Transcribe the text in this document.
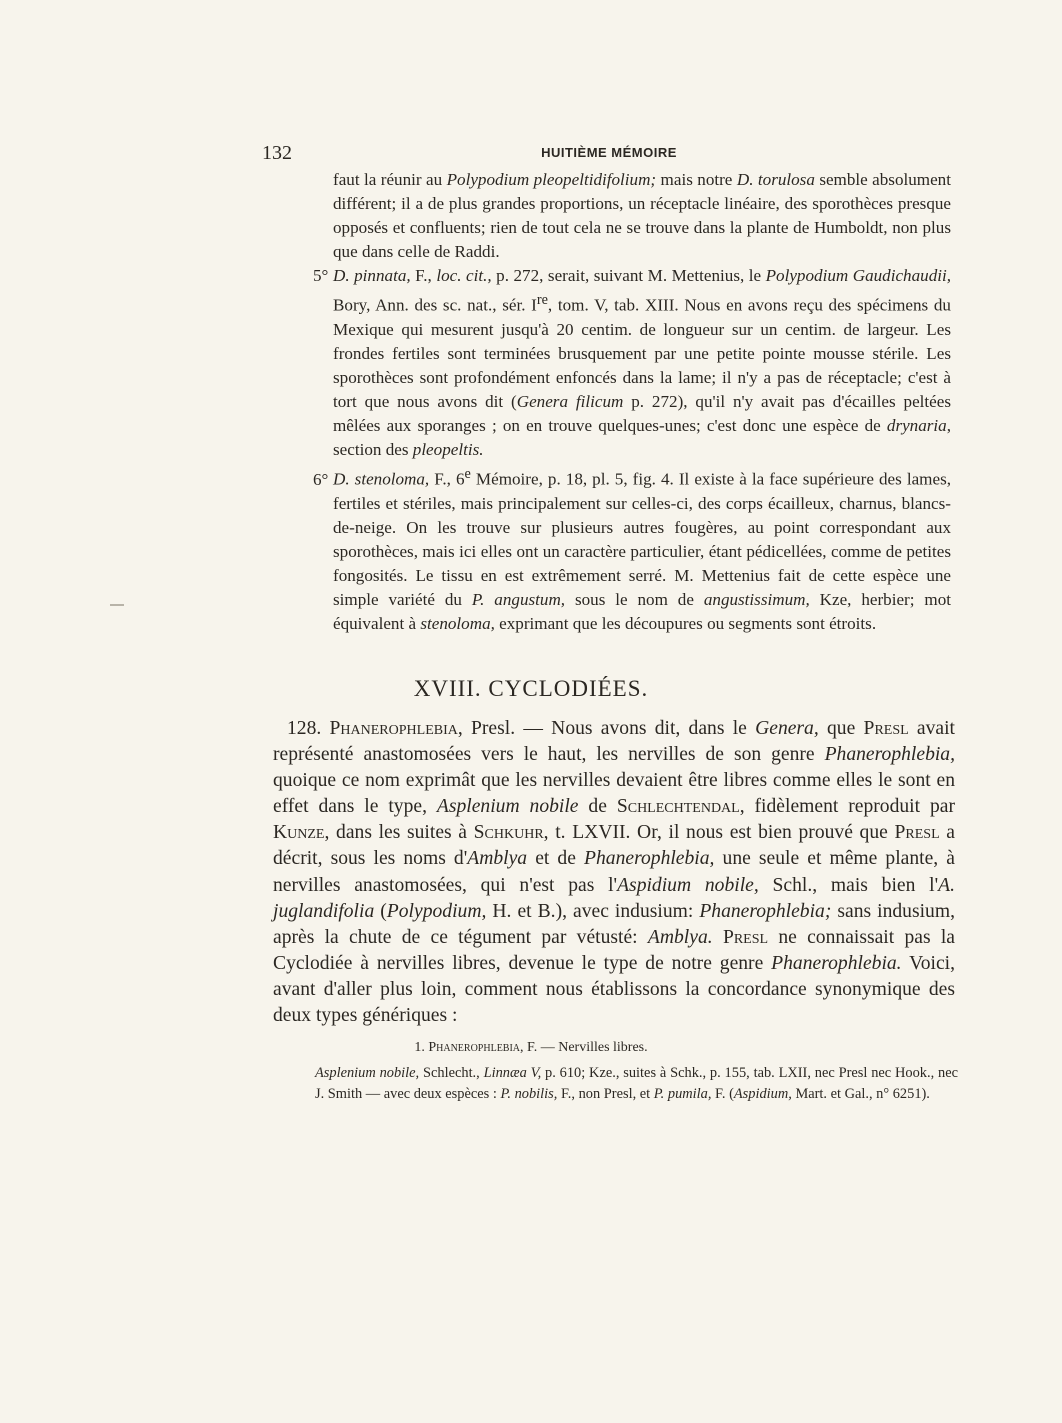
132	HUITIÈME MÉMOIRE

faut la réunir au Polypodium pleopeltidifolium; mais notre D. torulosa semble absolument différent; il a de plus grandes proportions, un réceptacle linéaire, des sporothèces presque opposés et confluents; rien de tout cela ne se trouve dans la plante de Humboldt, non plus que dans celle de Raddi.

5° D. pinnata, F., loc. cit., p. 272, serait, suivant M. Mettenius, le Polypodium Gaudichaudii, Bory, Ann. des sc. nat., sér. Ire, tom. V, tab. XIII. Nous en avons reçu des spécimens du Mexique qui mesurent jusqu'à 20 centim. de longueur sur un centim. de largeur. Les frondes fertiles sont terminées brusquement par une petite pointe mousse stérile. Les sporothèces sont profondément enfoncés dans la lame; il n'y a pas de réceptacle; c'est à tort que nous avons dit (Genera filicum p. 272), qu'il n'y avait pas d'écailles peltées mêlées aux sporanges ; on en trouve quelques-unes; c'est donc une espèce de drynaria, section des pleopeltis.

6° D. stenoloma, F., 6e Mémoire, p. 18, pl. 5, fig. 4. Il existe à la face supérieure des lames, fertiles et stériles, mais principalement sur celles-ci, des corps écailleux, charnus, blancs-de-neige. On les trouve sur plusieurs autres fougères, au point correspondant aux sporothèces, mais ici elles ont un caractère particulier, étant pédicellées, comme de petites fongosités. Le tissu en est extrêmement serré. M. Mettenius fait de cette espèce une simple variété du P. angustum, sous le nom de angustissimum, Kze, herbier; mot équivalent à stenoloma, exprimant que les découpures ou segments sont étroits.

XVIII. CYCLODIÉES.

128. Phanerophlebia, Presl. — Nous avons dit, dans le Genera, que Presl avait représenté anastomosées vers le haut, les nervilles de son genre Phanerophlebia, quoique ce nom exprimât que les nervilles devaient être libres comme elles le sont en effet dans le type, Asplenium nobile de Schlechtendal, fidèlement reproduit par Kunze, dans les suites à Schkuhr, t. LXVII. Or, il nous est bien prouvé que Presl a décrit, sous les noms d'Amblya et de Phanerophlebia, une seule et même plante, à nervilles anastomosées, qui n'est pas l'Aspidium nobile, Schl., mais bien l'A. juglandifolia (Polypodium, H. et B.), avec indusium: Phanerophlebia; sans indusium, après la chute de ce tégument par vétusté: Amblya. Presl ne connaissait pas la Cyclodiée à nervilles libres, devenue le type de notre genre Phanerophlebia. Voici, avant d'aller plus loin, comment nous établissons la concordance synonymique des deux types génériques :

1. Phanerophlebia, F. — Nervilles libres.

Asplenium nobile, Schlecht., Linnæa V, p. 610; Kze., suites à Schk., p. 155, tab. LXII, nec Presl nec Hook., nec J. Smith — avec deux espèces : P. nobilis, F., non Presl, et P. pumila, F. (Aspidium, Mart. et Gal., n° 6251).
